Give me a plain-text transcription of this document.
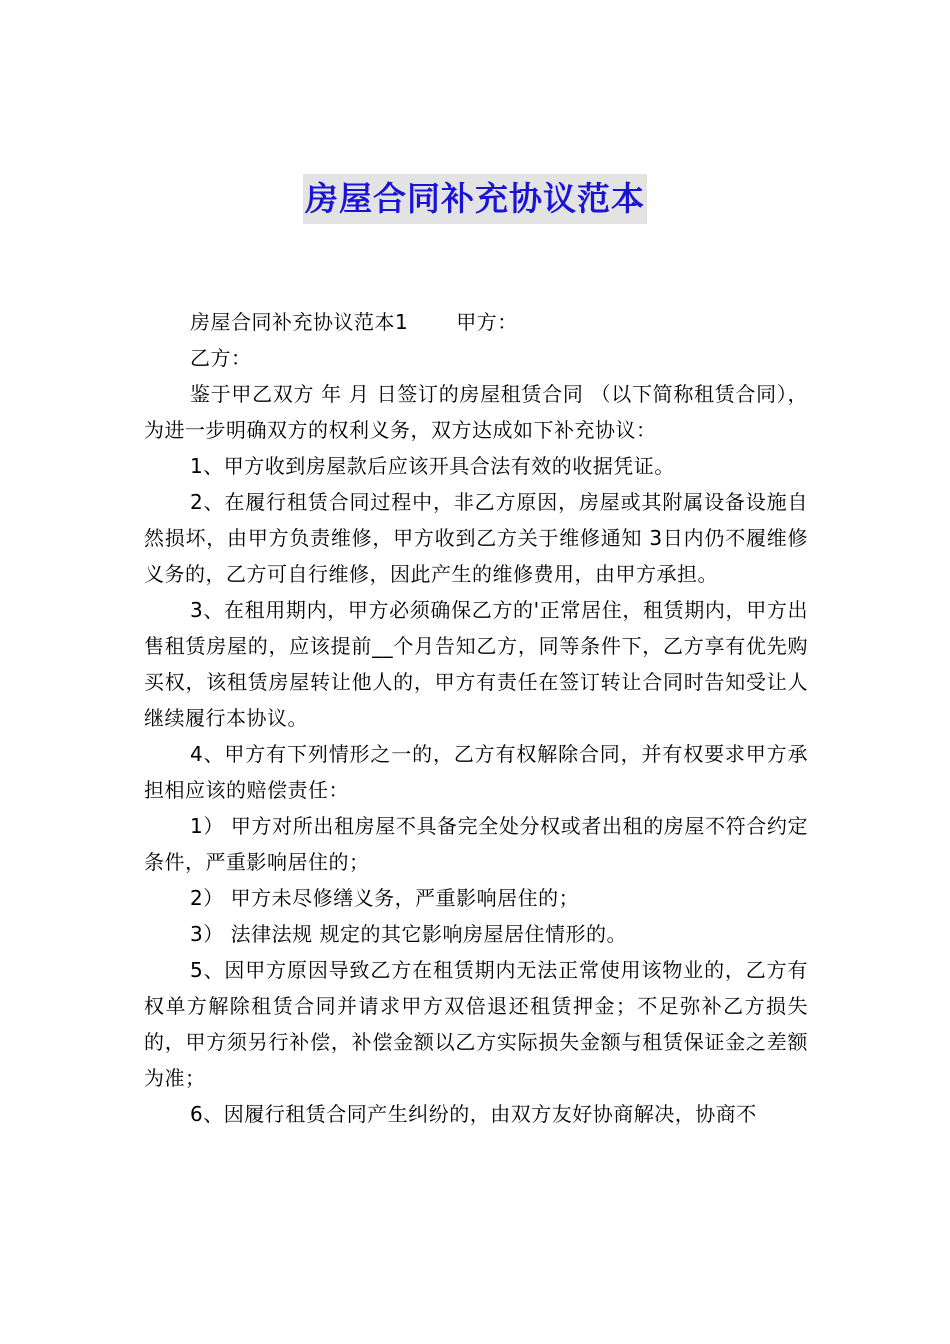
房屋合同补充协议范本

房屋合同补充协议范本1 甲方：

乙方：

鉴于甲乙双方 年 月 日签订的房屋租赁合同 （以下简称租赁合同），为进一步明确双方的权利义务，双方达成如下补充协议：

1、甲方收到房屋款后应该开具合法有效的收据凭证。

2、在履行租赁合同过程中，非乙方原因，房屋或其附属设备设施自然损坏，由甲方负责维修，甲方收到乙方关于维修通知 3日内仍不履维修义务的，乙方可自行维修，因此产生的维修费用，由甲方承担。

3、在租用期内，甲方必须确保乙方的'正常居住，租赁期内，甲方出售租赁房屋的，应该提前__个月告知乙方，同等条件下，乙方享有优先购买权，该租赁房屋转让他人的，甲方有责任在签订转让合同时告知受让人继续履行本协议。

4、甲方有下列情形之一的，乙方有权解除合同，并有权要求甲方承担相应该的赔偿责任：

1） 甲方对所出租房屋不具备完全处分权或者出租的房屋不符合约定条件，严重影响居住的；

2） 甲方未尽修缮义务，严重影响居住的；

3） 法律法规 规定的其它影响房屋居住情形的。

5、因甲方原因导致乙方在租赁期内无法正常使用该物业的，乙方有权单方解除租赁合同并请求甲方双倍退还租赁押金；不足弥补乙方损失的，甲方须另行补偿，补偿金额以乙方实际损失金额与租赁保证金之差额为准；

6、因履行租赁合同产生纠纷的，由双方友好协商解决，协商不
